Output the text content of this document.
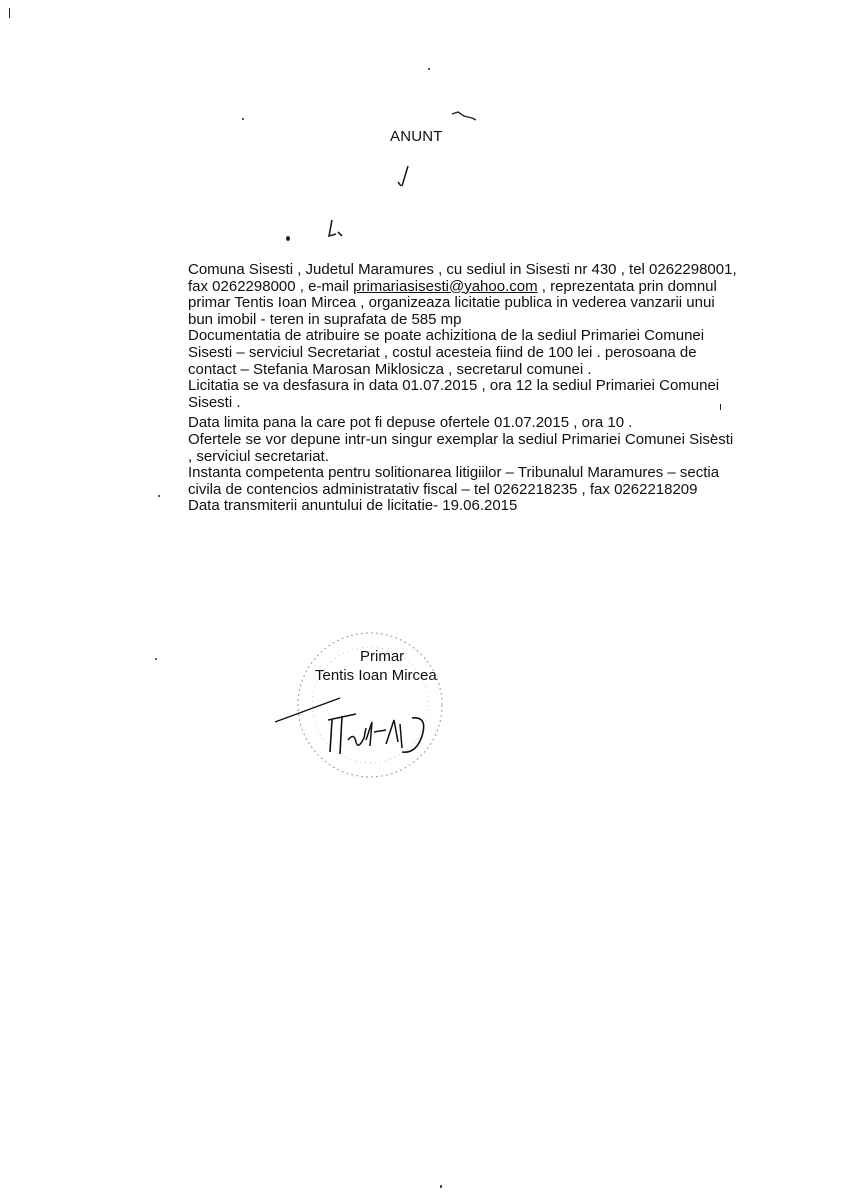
ANUNT

Comuna Sisesti , Judetul Maramures , cu sediul in Sisesti nr 430 , tel 0262298001, fax 0262298000 , e-mail primariasisesti@yahoo.com , reprezentata prin domnul primar Tentis Ioan Mircea , organizeaza licitatie publica in vederea vanzarii unui bun imobil - teren in suprafata de 585 mp

Documentatia de atribuire se poate achizitiona de la sediul Primariei Comunei Sisesti – serviciul Secretariat , costul acesteia fiind de 100 lei . perosoana de contact – Stefania Marosan Miklosicza , secretarul comunei .

Licitatia se va desfasura in data 01.07.2015 , ora 12 la sediul Primariei Comunei Sisesti .

Data limita pana la care pot fi depuse ofertele 01.07.2015 , ora 10 .

Ofertele se vor depune intr-un singur exemplar la sediul Primariei Comunei Sisesti , serviciul secretariat.

Instanta competenta pentru solitionarea litigiilor – Tribunalul Maramures – sectia civila de contencios administratativ fiscal – tel 0262218235 , fax 0262218209

Data transmiterii anuntului de licitatie- 19.06.2015

Primar
Tentis Ioan Mircea
